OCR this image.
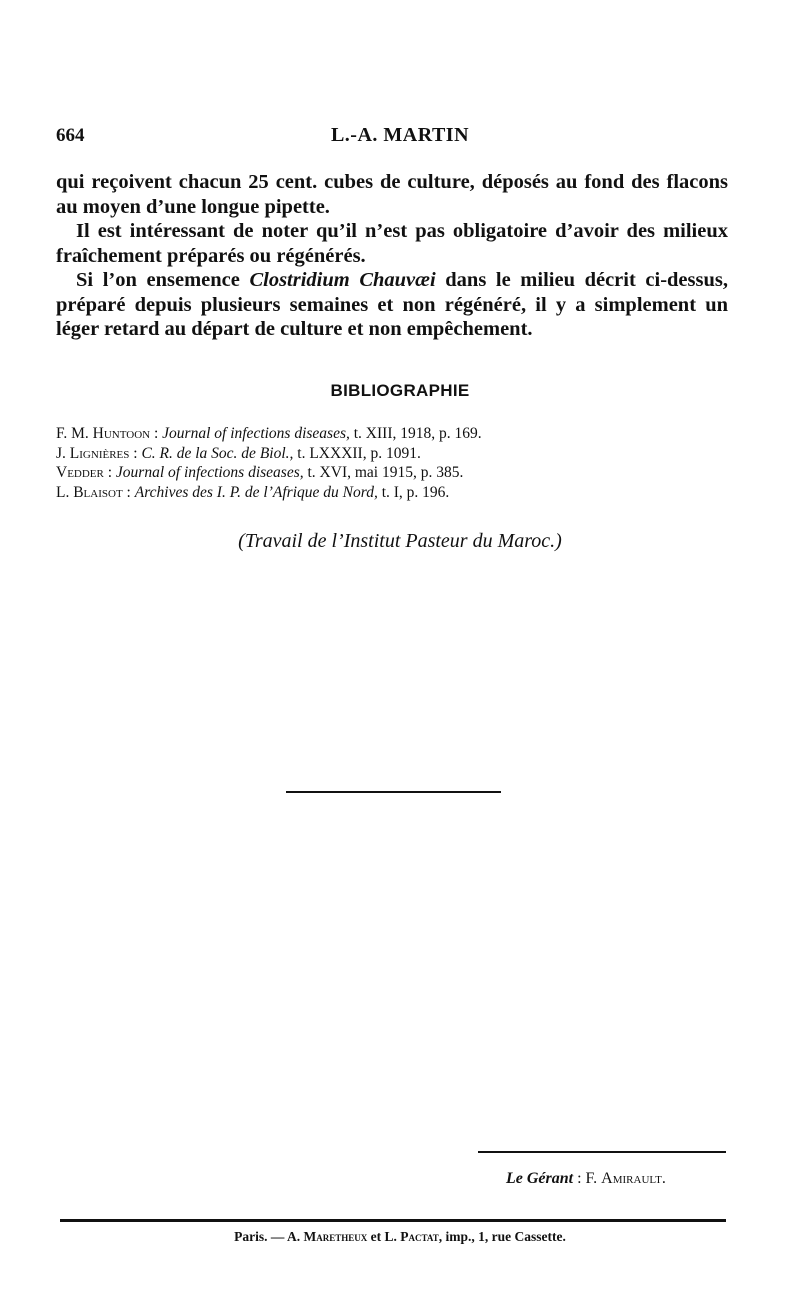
664	L.-A. MARTIN

qui reçoivent chacun 25 cent. cubes de culture, déposés au fond des flacons

au moyen d’une longue pipette.

Il est intéressant de noter qu’il n’est pas obligatoire d’avoir des milieux

fraîchement préparés ou régénérés.

Si l’on ensemence Clostridium Chauvæi dans le milieu décrit ci-dessus,

préparé depuis plusieurs semaines et non régénéré, il y a simplement un

léger retard au départ de culture et non empêchement.

BIBLIOGRAPHIE
F. M. Huntoon : Journal of infections diseases, t. XIII, 1918, p. 169.
J. Lignières : C. R. de la Soc. de Biol., t. LXXXII, p. 1091.
Vedder : Journal of infections diseases, t. XVI, mai 1915, p. 385.
L. Blaisot : Archives des I. P. de l’Afrique du Nord, t. I, p. 196.
(Travail de l’Institut Pasteur du Maroc.)
Le Gérant : F. Amirault.
Paris. — A. Maretheux et L. Pactat, imp., 1, rue Cassette.
